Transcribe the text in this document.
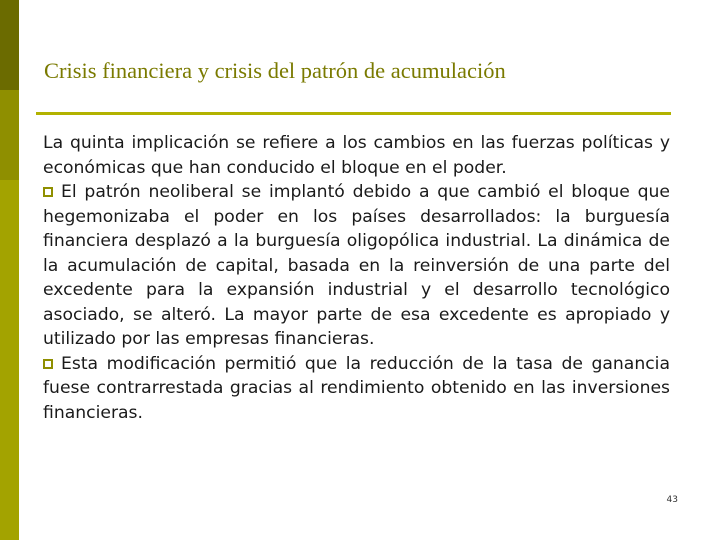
Crisis financiera y crisis del patrón de acumulación

La quinta implicación se refiere a los cambios en las fuerzas políticas y económicas que han conducido el bloque en el poder.

El patrón neoliberal se implantó debido a que cambió el bloque que hegemonizaba el poder en los países desarrollados: la burguesía financiera desplazó a la burguesía oligopólica industrial. La dinámica de la acumulación de capital, basada en la reinversión de una parte del excedente para la expansión industrial y el desarrollo tecnológico asociado, se alteró. La mayor parte de esa excedente es apropiado y utilizado por las empresas financieras.

Esta modificación permitió que la reducción de la tasa de ganancia fuese contrarrestada gracias al rendimiento obtenido en las inversiones financieras.

43
